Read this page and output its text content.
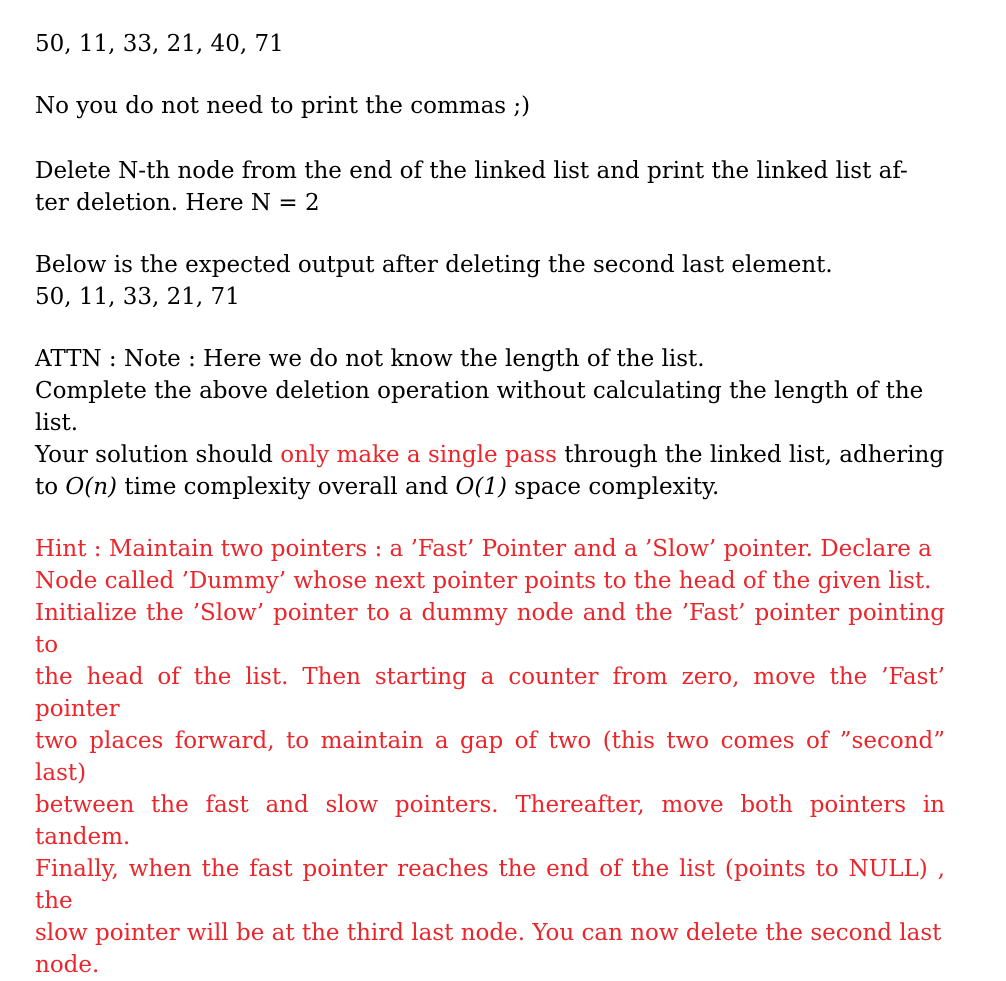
50, 11, 33, 21, 40, 71

No you do not need to print the commas ;)

Delete N-th node from the end of the linked list and print the linked list af-
ter deletion. Here N = 2
Below is the expected output after deleting the second last element.
50, 11, 33, 21, 71
ATTN : Note : Here we do not know the length of the list.
Complete the above deletion operation without calculating the length of the list.
Your solution should only make a single pass through the linked list, adhering
to O(n) time complexity overall and O(1) space complexity.
Hint : Maintain two pointers : a ’Fast’ Pointer and a ’Slow’ pointer. Declare a
Node called ’Dummy’ whose next pointer points to the head of the given list.
Initialize the ’Slow’ pointer to a dummy node and the ’Fast’ pointer pointing to
the head of the list. Then starting a counter from zero, move the ’Fast’ pointer
two places forward, to maintain a gap of two (this two comes of ”second” last)
between the fast and slow pointers. Thereafter, move both pointers in tandem.
Finally, when the fast pointer reaches the end of the list (points to NULL) , the
slow pointer will be at the third last node. You can now delete the second last
node.
